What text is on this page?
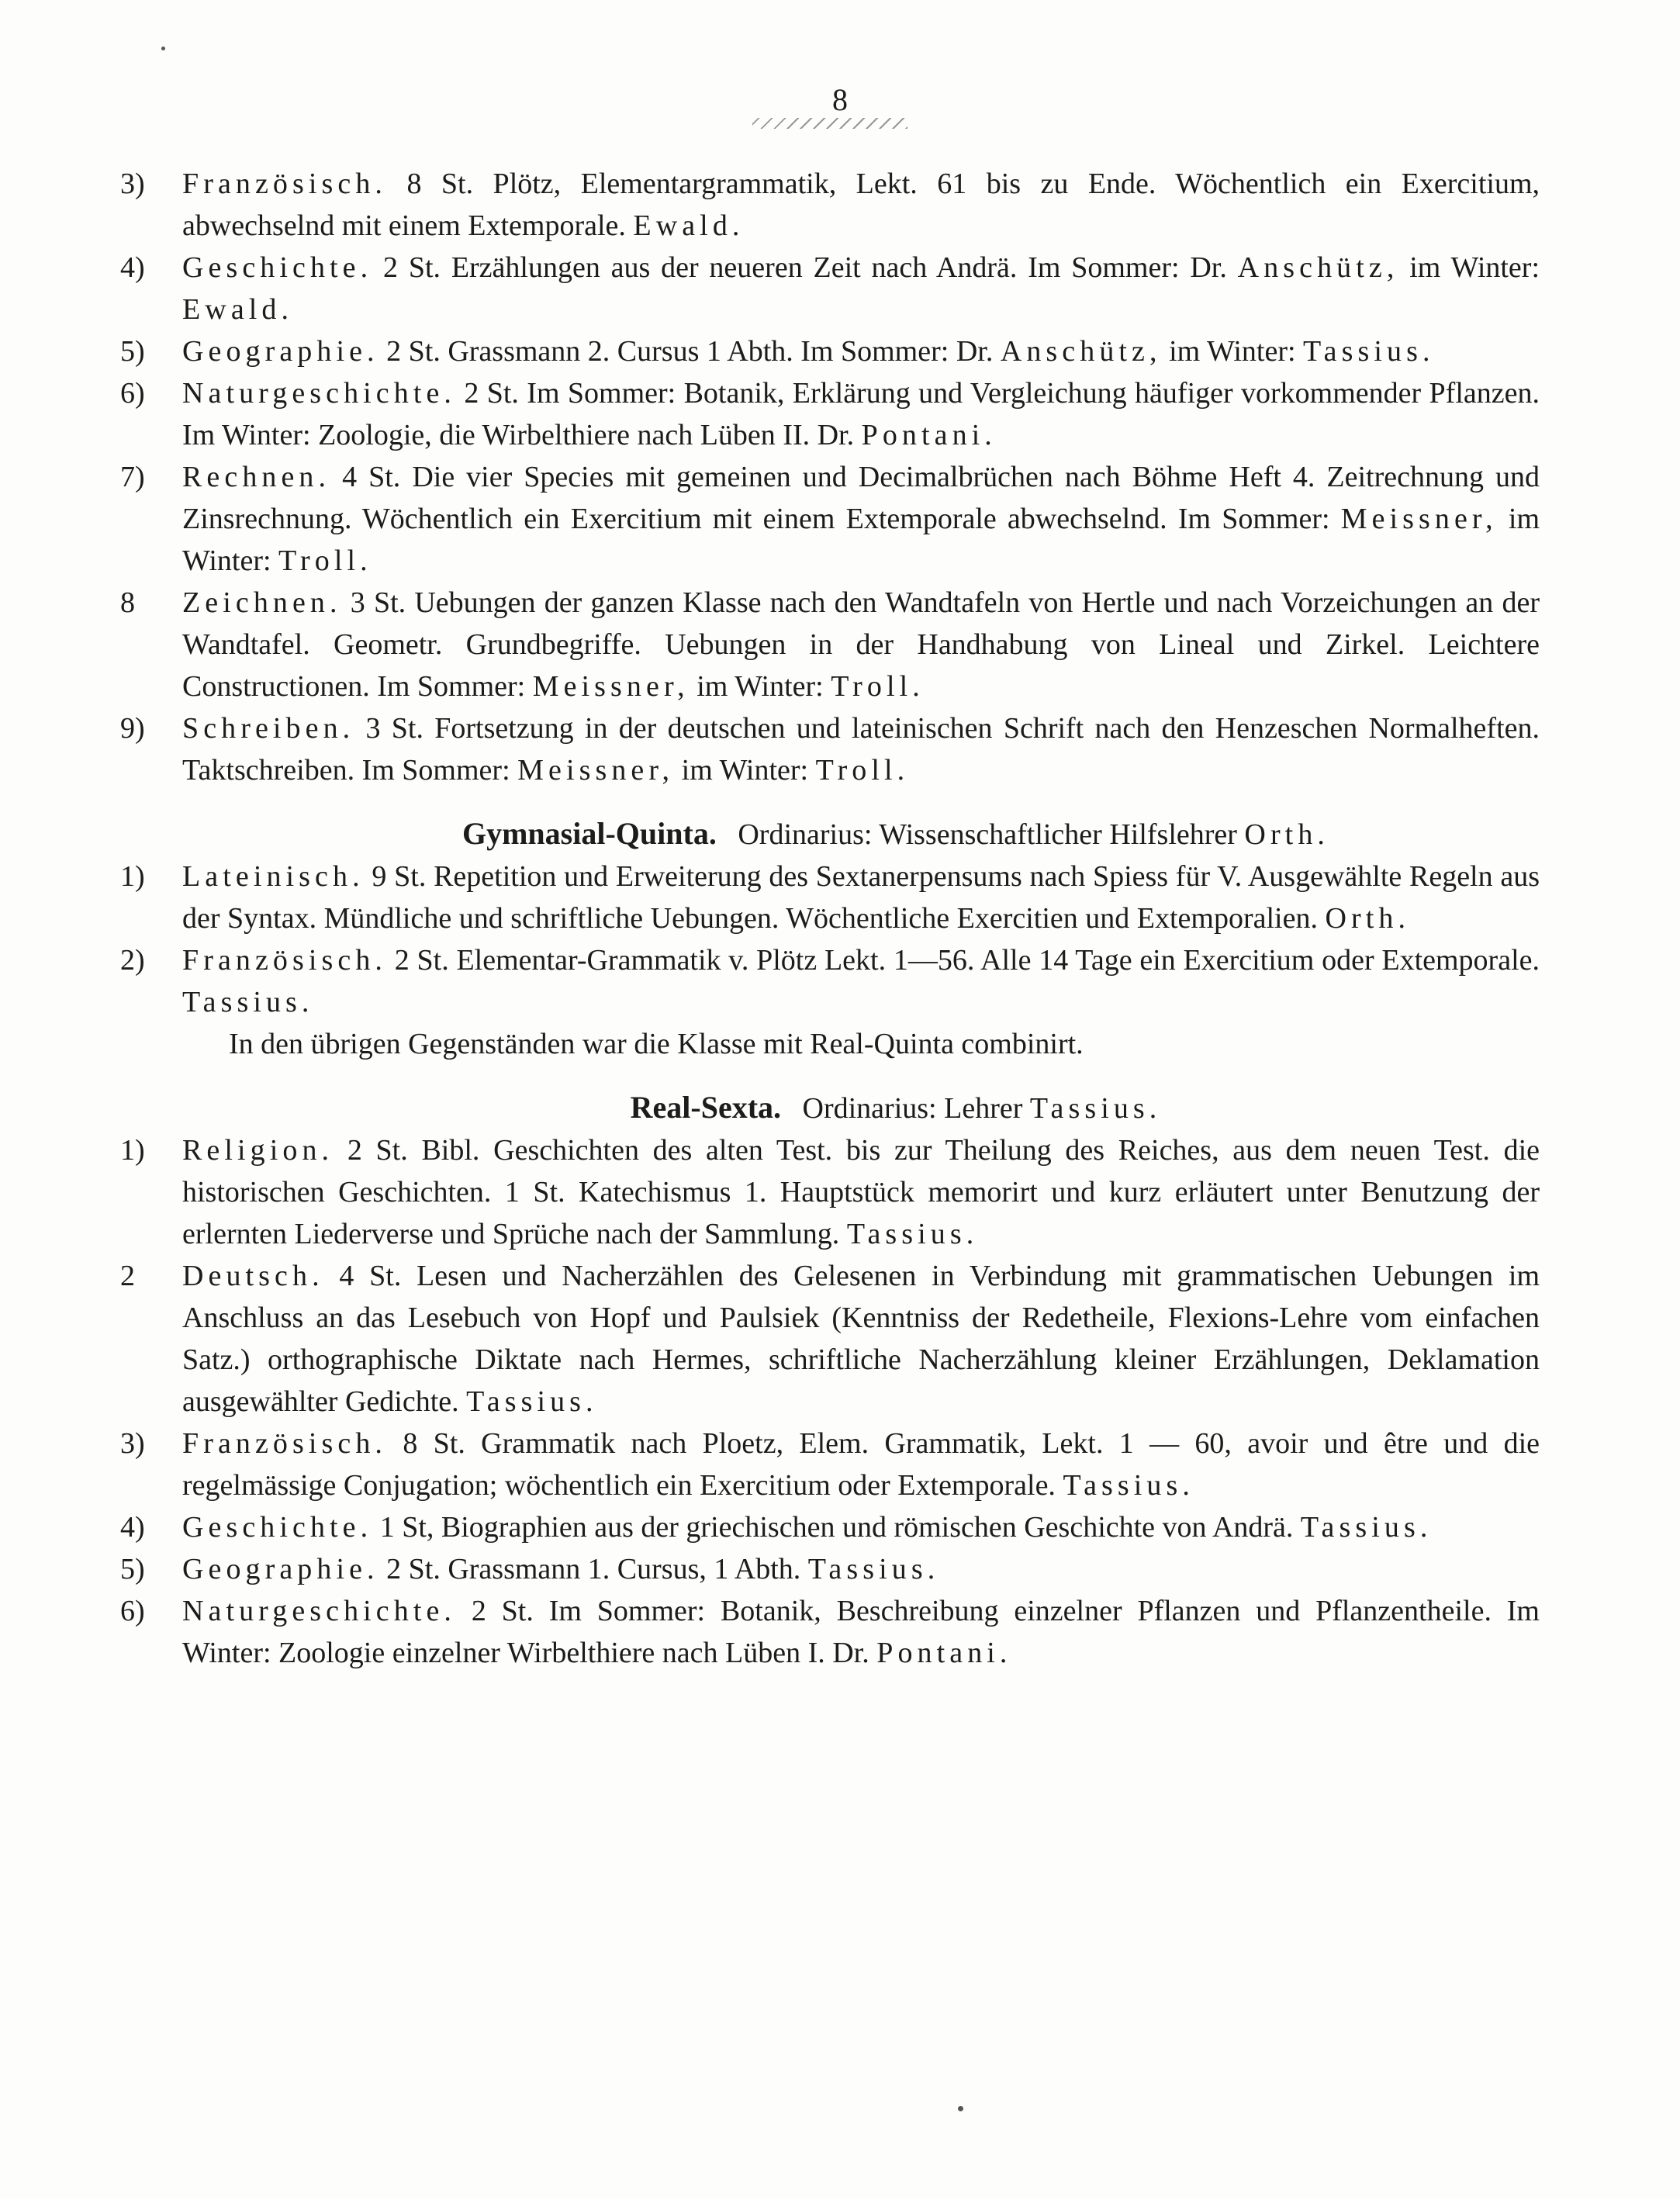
8

3)	Französisch. 8 St. Plötz, Elementargrammatik, Lekt. 61 bis zu Ende. Wöchentlich ein Exercitium, abwechselnd mit einem Extemporale. Ewald.

4)	Geschichte. 2 St. Erzählungen aus der neueren Zeit nach Andrä. Im Sommer: Dr. Anschütz, im Winter: Ewald.

5)	Geographie. 2 St. Grassmann 2. Cursus 1 Abth. Im Sommer: Dr. Anschütz, im Winter: Tassius.

6)	Naturgeschichte. 2 St. Im Sommer: Botanik, Erklärung und Vergleichung häufiger vorkommender Pflanzen. Im Winter: Zoologie, die Wirbelthiere nach Lüben II. Dr. Pontani.

7)	Rechnen. 4 St. Die vier Species mit gemeinen und Decimalbrüchen nach Böhme Heft 4. Zeitrechnung und Zinsrechnung. Wöchentlich ein Exercitium mit einem Extemporale abwechselnd. Im Sommer: Meissner, im Winter: Troll.

8	Zeichnen. 3 St. Uebungen der ganzen Klasse nach den Wandtafeln von Hertle und nach Vorzeichungen an der Wandtafel. Geometr. Grundbegriffe. Uebungen in der Handhabung von Lineal und Zirkel. Leichtere Constructionen. Im Sommer: Meissner, im Winter: Troll.

9)	Schreiben. 3 St. Fortsetzung in der deutschen und lateinischen Schrift nach den Henzeschen Normalheften. Taktschreiben. Im Sommer: Meissner, im Winter: Troll.

Gymnasial-Quinta. Ordinarius: Wissenschaftlicher Hilfslehrer Orth.

1)	Lateinisch. 9 St. Repetition und Erweiterung des Sextanerpensums nach Spiess für V. Ausgewählte Regeln aus der Syntax. Mündliche und schriftliche Uebungen. Wöchentliche Exercitien und Extemporalien. Orth.

2)	Französisch. 2 St. Elementar-Grammatik v. Plötz Lekt. 1—56. Alle 14 Tage ein Exercitium oder Extemporale. Tassius.

In den übrigen Gegenständen war die Klasse mit Real-Quinta combinirt.

Real-Sexta. Ordinarius: Lehrer Tassius.

1)	Religion. 2 St. Bibl. Geschichten des alten Test. bis zur Theilung des Reiches, aus dem neuen Test. die historischen Geschichten. 1 St. Katechismus 1. Hauptstück memorirt und kurz erläutert unter Benutzung der erlernten Liederverse und Sprüche nach der Sammlung. Tassius.

2	Deutsch. 4 St. Lesen und Nacherzählen des Gelesenen in Verbindung mit grammatischen Uebungen im Anschluss an das Lesebuch von Hopf und Paulsiek (Kenntniss der Redetheile, Flexions-Lehre vom einfachen Satz.) orthographische Diktate nach Hermes, schriftliche Nacherzählung kleiner Erzählungen, Deklamation ausgewählter Gedichte. Tassius.

3)	Französisch. 8 St. Grammatik nach Ploetz, Elem. Grammatik, Lekt. 1 — 60, avoir und être und die regelmässige Conjugation; wöchentlich ein Exercitium oder Extemporale. Tassius.

4)	Geschichte. 1 St, Biographien aus der griechischen und römischen Geschichte von Andrä. Tassius.

5)	Geographie. 2 St. Grassmann 1. Cursus, 1 Abth. Tassius.

6)	Naturgeschichte. 2 St. Im Sommer: Botanik, Beschreibung einzelner Pflanzen und Pflanzentheile. Im Winter: Zoologie einzelner Wirbelthiere nach Lüben I. Dr. Pontani.
